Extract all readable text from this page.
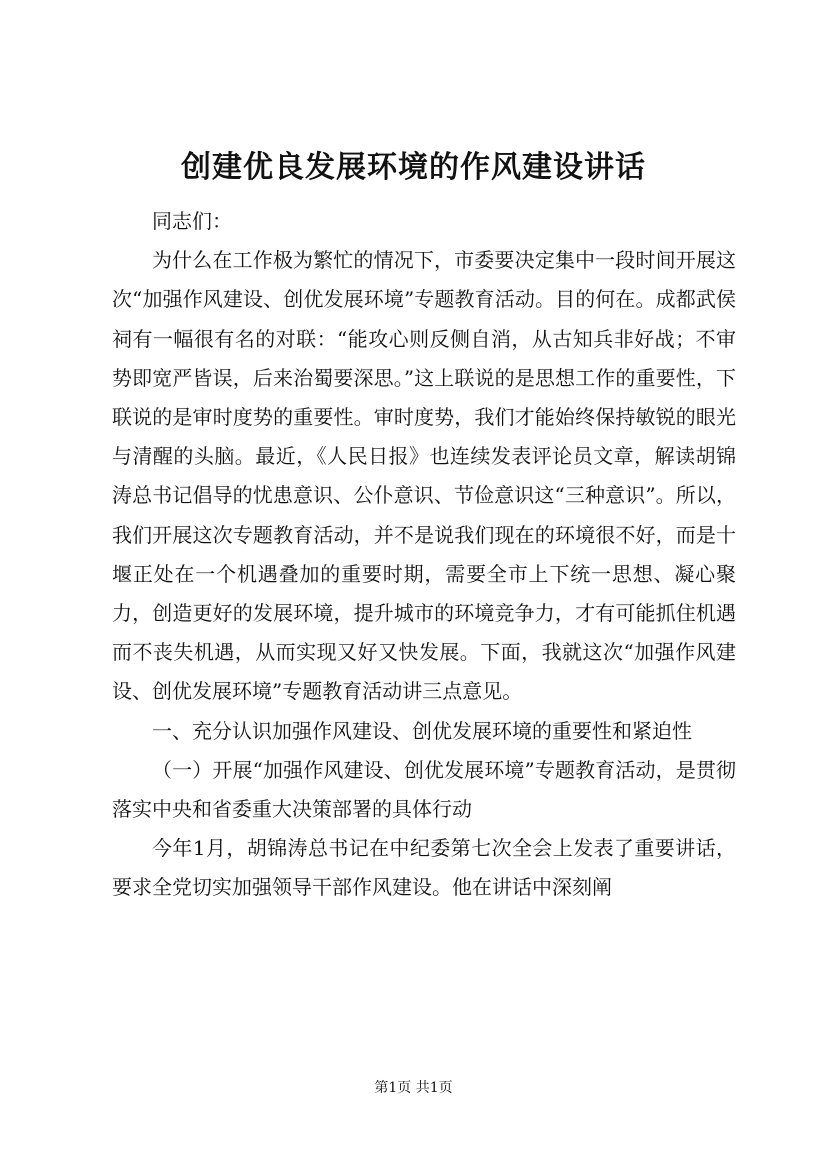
创建优良发展环境的作风建设讲话

同志们：

为什么在工作极为繁忙的情况下，市委要决定集中一段时间开展这次“加强作风建设、创优发展环境”专题教育活动。目的何在。成都武侯祠有一幅很有名的对联：“能攻心则反侧自消，从古知兵非好战；不审势即宽严皆误，后来治蜀要深思。”这上联说的是思想工作的重要性，下联说的是审时度势的重要性。审时度势，我们才能始终保持敏锐的眼光与清醒的头脑。最近，《人民日报》也连续发表评论员文章，解读胡锦涛总书记倡导的忧患意识、公仆意识、节俭意识这“三种意识”。所以，我们开展这次专题教育活动，并不是说我们现在的环境很不好，而是十堰正处在一个机遇叠加的重要时期，需要全市上下统一思想、凝心聚力，创造更好的发展环境，提升城市的环境竞争力，才有可能抓住机遇而不丧失机遇，从而实现又好又快发展。下面，我就这次“加强作风建设、创优发展环境”专题教育活动讲三点意见。

一、充分认识加强作风建设、创优发展环境的重要性和紧迫性

（一）开展“加强作风建设、创优发展环境”专题教育活动，是贯彻落实中央和省委重大决策部署的具体行动

今年1月，胡锦涛总书记在中纪委第七次全会上发表了重要讲话，要求全党切实加强领导干部作风建设。他在讲话中深刻阐

第1页 共1页
